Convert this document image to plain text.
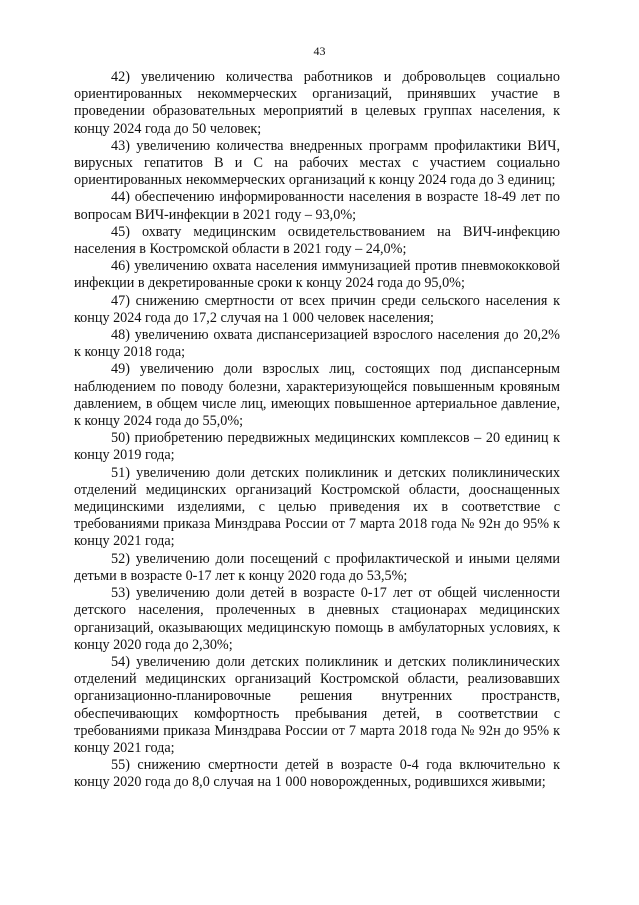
43

42) увеличению количества работников и добровольцев социально ориентированных некоммерческих организаций, принявших участие в проведении образовательных мероприятий в целевых группах населения, к концу 2024 года до 50 человек;

43) увеличению количества внедренных программ профилактики ВИЧ, вирусных гепатитов В и С на рабочих местах с участием социально ориентированных некоммерческих организаций к концу 2024 года до 3 единиц;

44) обеспечению информированности населения в возрасте 18-49 лет по вопросам ВИЧ-инфекции в 2021 году – 93,0%;

45) охвату медицинским освидетельствованием на ВИЧ-инфекцию населения в Костромской области в 2021 году – 24,0%;

46) увеличению охвата населения иммунизацией против пневмококковой инфекции в декретированные сроки к концу 2024 года до 95,0%;

47) снижению смертности от всех причин среди сельского населения к концу 2024 года до 17,2 случая на 1 000 человек населения;

48) увеличению охвата диспансеризацией взрослого населения до 20,2% к концу 2018 года;

49) увеличению доли взрослых лиц, состоящих под диспансерным наблюдением по поводу болезни, характеризующейся повышенным кровяным давлением, в общем числе лиц, имеющих повышенное артериальное давление, к концу 2024 года до 55,0%;

50) приобретению передвижных медицинских комплексов – 20 единиц к концу 2019 года;

51) увеличению доли детских поликлиник и детских поликлинических отделений медицинских организаций Костромской области, дооснащенных медицинскими изделиями, с целью приведения их в соответствие с требованиями приказа Минздрава России от 7 марта 2018 года № 92н до 95% к концу 2021 года;

52) увеличению доли посещений с профилактической и иными целями детьми в возрасте 0-17 лет к концу 2020 года до 53,5%;

53) увеличению доли детей в возрасте 0-17 лет от общей численности детского населения, пролеченных в дневных стационарах медицинских организаций, оказывающих медицинскую помощь в амбулаторных условиях, к концу 2020 года до 2,30%;

54) увеличению доли детских поликлиник и детских поликлинических отделений медицинских организаций Костромской области, реализовавших организационно-планировочные решения внутренних пространств, обеспечивающих комфортность пребывания детей, в соответствии с требованиями приказа Минздрава России от 7 марта 2018 года № 92н до 95% к концу 2021 года;

55) снижению смертности детей в возрасте 0-4 года включительно к концу 2020 года до 8,0 случая на 1 000 новорожденных, родившихся живыми;
